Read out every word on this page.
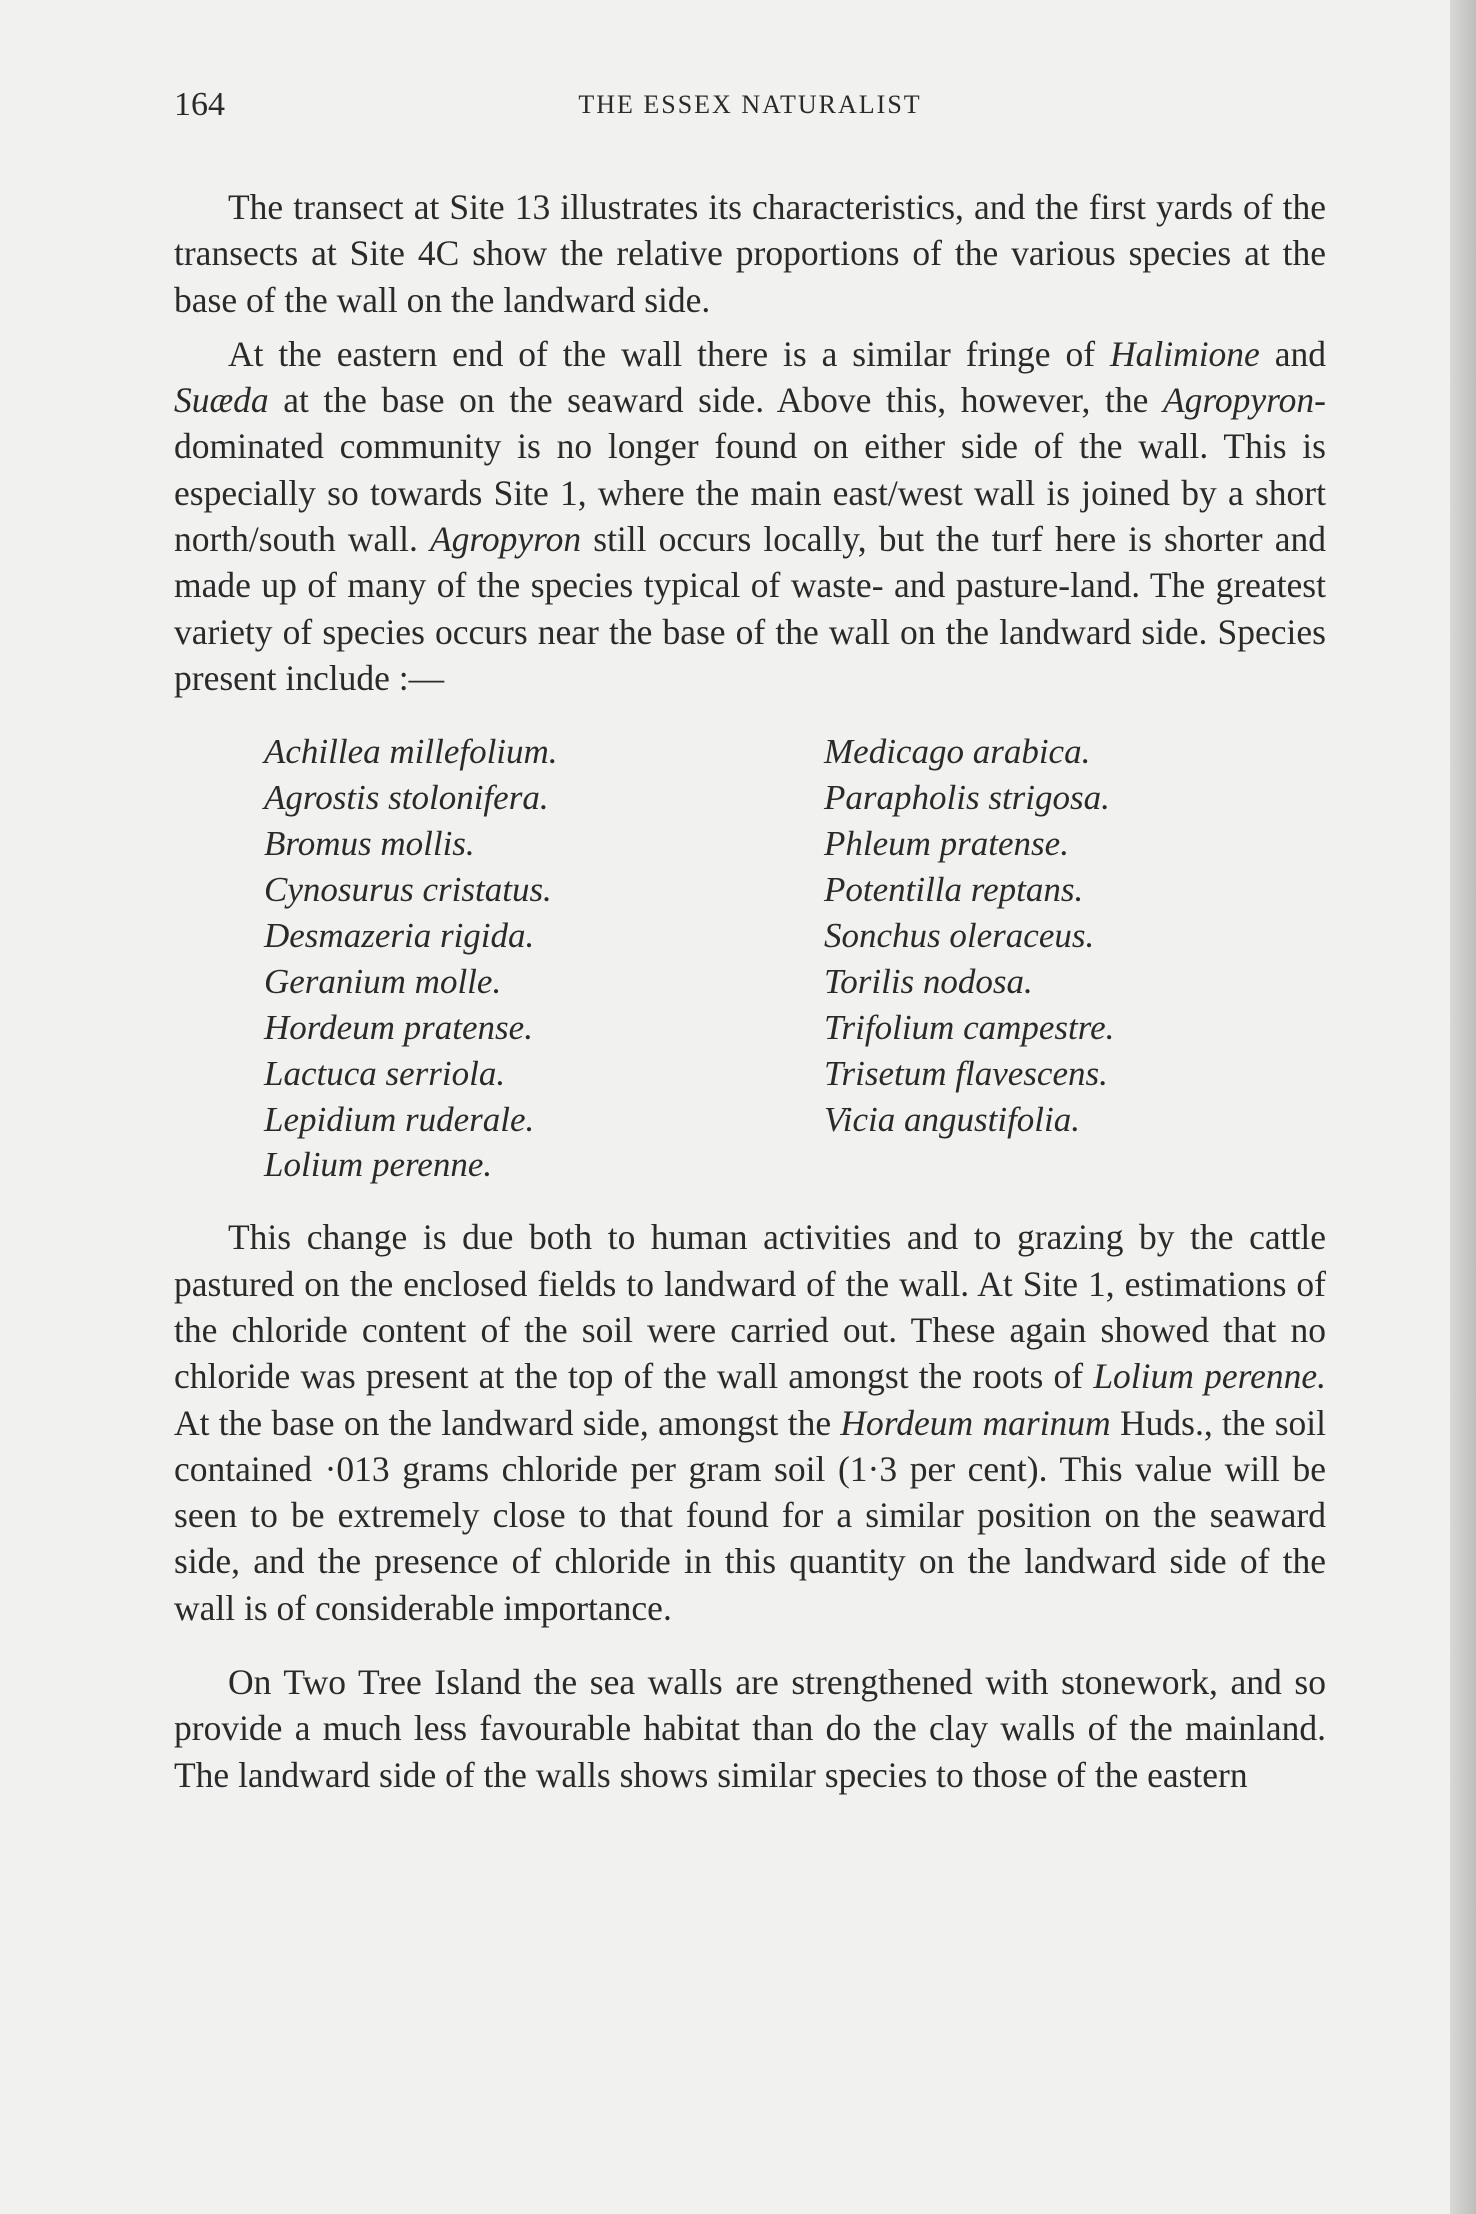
164	THE ESSEX NATURALIST

The transect at Site 13 illustrates its characteristics, and the first yards of the transects at Site 4C show the relative proportions of the various species at the base of the wall on the landward side.

At the eastern end of the wall there is a similar fringe of Halimione and Suæda at the base on the seaward side. Above this, however, the Agropyron-dominated community is no longer found on either side of the wall. This is especially so towards Site 1, where the main east/west wall is joined by a short north/south wall. Agropyron still occurs locally, but the turf here is shorter and made up of many of the species typical of waste- and pasture-land. The greatest variety of species occurs near the base of the wall on the landward side. Species present include :—

Achillea millefolium.
Agrostis stolonifera.
Bromus mollis.
Cynosurus cristatus.
Desmazeria rigida.
Geranium molle.
Hordeum pratense.
Lactuca serriola.
Lepidium ruderale.
Lolium perenne.
Medicago arabica.
Parapholis strigosa.
Phleum pratense.
Potentilla reptans.
Sonchus oleraceus.
Torilis nodosa.
Trifolium campestre.
Trisetum flavescens.
Vicia angustifolia.

This change is due both to human activities and to grazing by the cattle pastured on the enclosed fields to landward of the wall. At Site 1, estimations of the chloride content of the soil were carried out. These again showed that no chloride was present at the top of the wall amongst the roots of Lolium perenne. At the base on the landward side, amongst the Hordeum marinum Huds., the soil contained ·013 grams chloride per gram soil (1·3 per cent). This value will be seen to be extremely close to that found for a similar position on the seaward side, and the presence of chloride in this quantity on the landward side of the wall is of considerable importance.

On Two Tree Island the sea walls are strengthened with stonework, and so provide a much less favourable habitat than do the clay walls of the mainland. The landward side of the walls shows similar species to those of the eastern
